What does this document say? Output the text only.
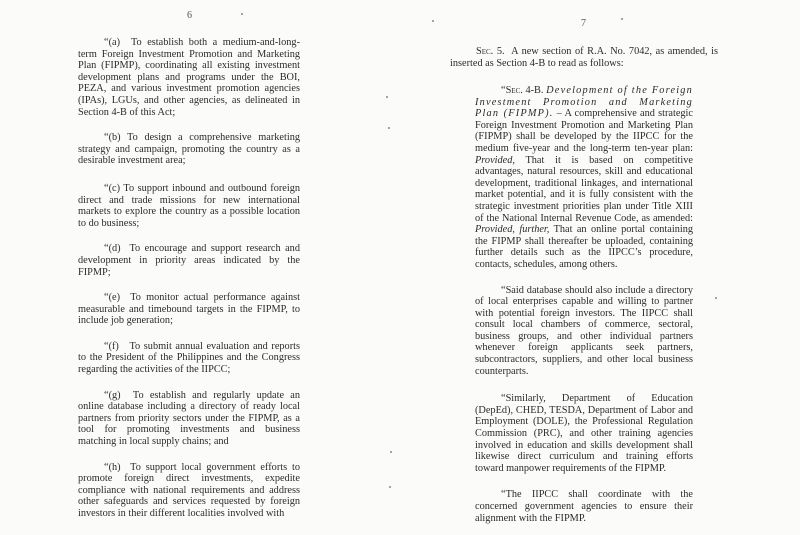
6

“(a) To establish both a medium-and-long-term Foreign Investment Promotion and Marketing Plan (FIPMP), coordinating all existing investment development plans and programs under the BOI, PEZA, and various investment promotion agencies (IPAs), LGUs, and other agencies, as delineated in Section 4-B of this Act;

“(b) To design a comprehensive marketing strategy and campaign, promoting the country as a desirable investment area;

“(c) To support inbound and outbound foreign direct and trade missions for new international markets to explore the country as a possible location to do business;

“(d) To encourage and support research and development in priority areas indicated by the FIPMP;

“(e) To monitor actual performance against measurable and timebound targets in the FIPMP, to include job generation;

“(f) To submit annual evaluation and reports to the President of the Philippines and the Congress regarding the activities of the IIPCC;

“(g) To establish and regularly update an online database including a directory of ready local partners from priority sectors under the FIPMP, as a tool for promoting investments and business matching in local supply chains; and

“(h) To support local government efforts to promote foreign direct investments, expedite compliance with national requirements and address other safeguards and services requested by foreign investors in their different localities involved with

7

Sec. 5. A new section of R.A. No. 7042, as amended, is inserted as Section 4-B to read as follows:

“Sec. 4-B. Development of the Foreign Investment Promotion and Marketing Plan (FIPMP). – A comprehensive and strategic Foreign Investment Promotion and Marketing Plan (FIPMP) shall be developed by the IIPCC for the medium five-year and the long-term ten-year plan: Provided, That it is based on competitive advantages, natural resources, skill and educational development, traditional linkages, and international market potential, and it is fully consistent with the strategic investment priorities plan under Title XIII of the National Internal Revenue Code, as amended: Provided, further, That an online portal containing the FIPMP shall thereafter be uploaded, containing further details such as the IIPCC’s procedure, contacts, schedules, among others.

“Said database should also include a directory of local enterprises capable and willing to partner with potential foreign investors. The IIPCC shall consult local chambers of commerce, sectoral, business groups, and other individual partners whenever foreign applicants seek partners, subcontractors, suppliers, and other local business counterparts.

“Similarly, Department of Education (DepEd), CHED, TESDA, Department of Labor and Employment (DOLE), the Professional Regulation Commission (PRC), and other training agencies involved in education and skills development shall likewise direct curriculum and training efforts toward manpower requirements of the FIPMP.

“The IIPCC shall coordinate with the concerned government agencies to ensure their alignment with the FIPMP.
